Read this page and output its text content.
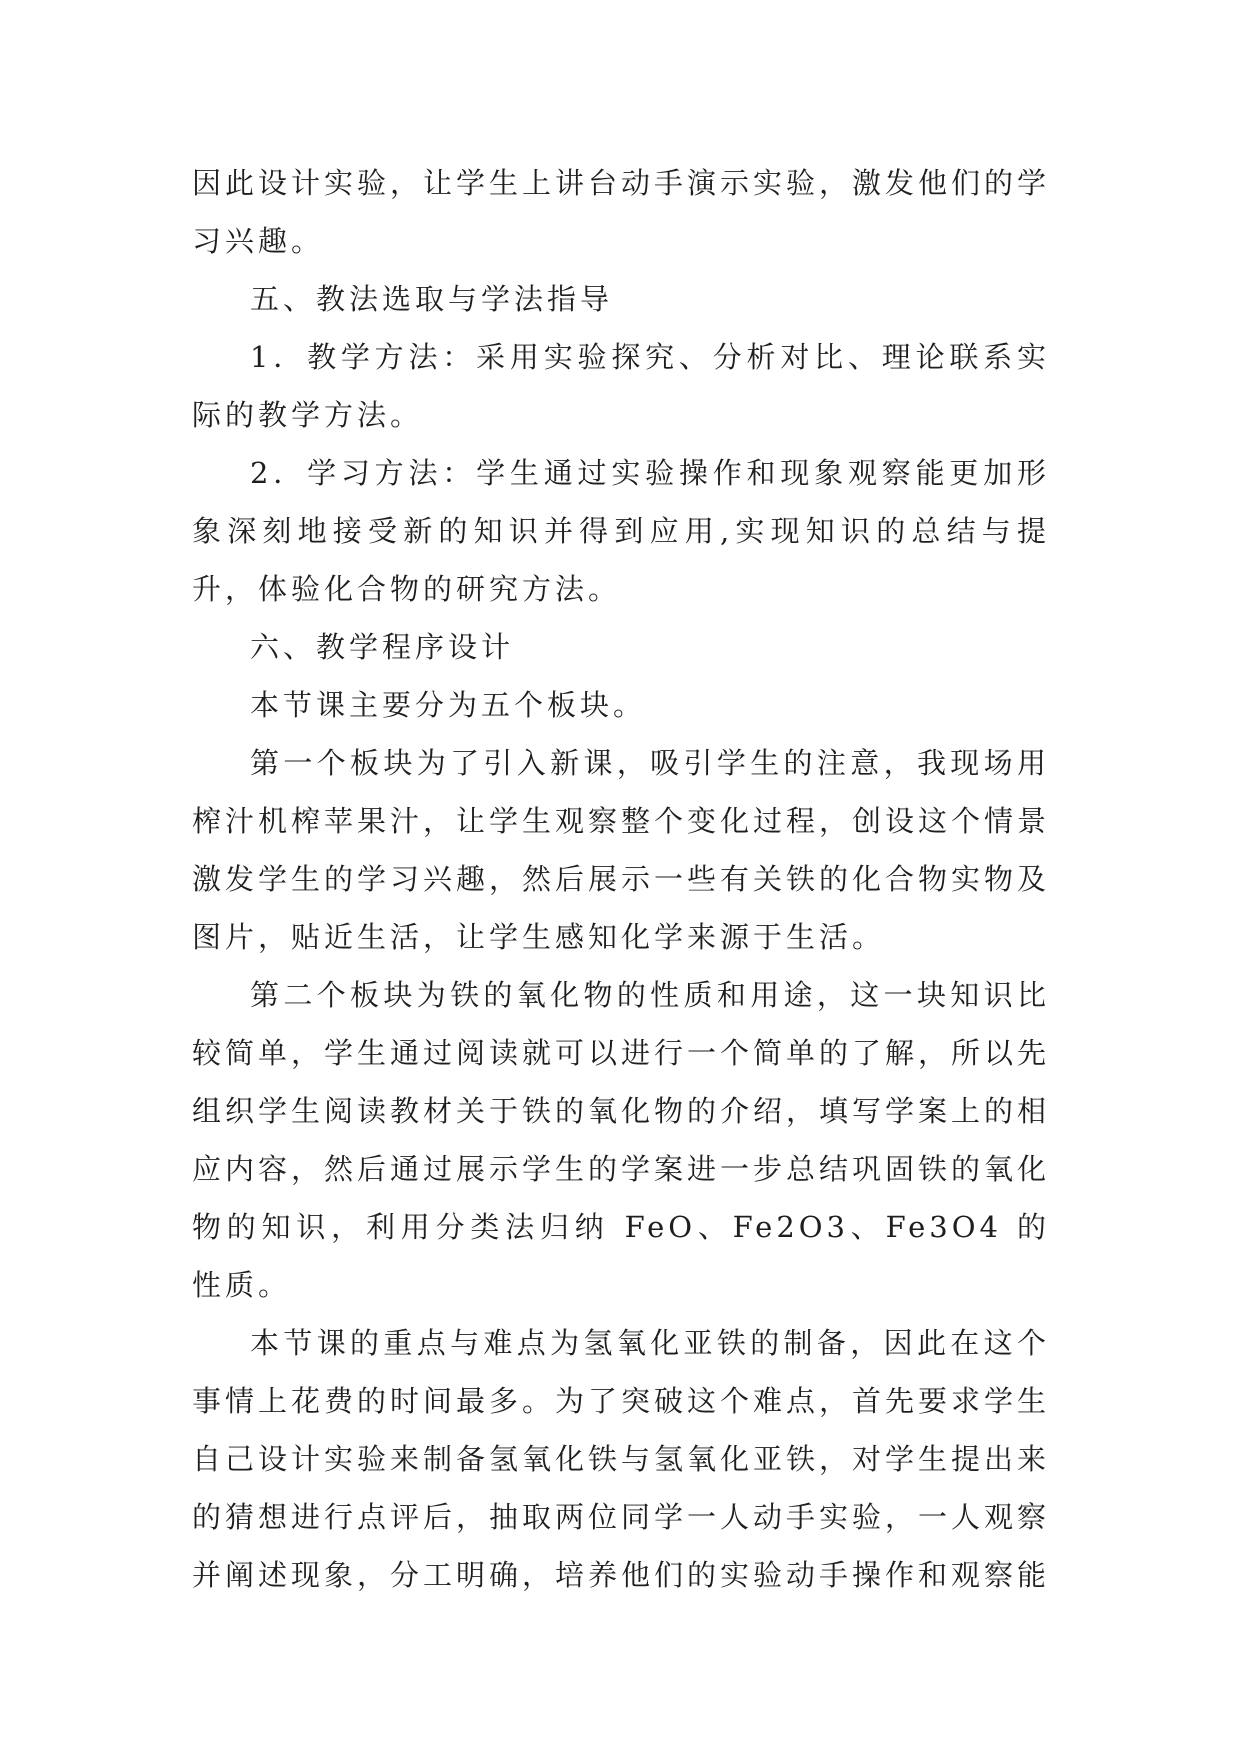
因此设计实验，让学生上讲台动手演示实验，激发他们的学习兴趣。

五、教法选取与学法指导

1．教学方法：采用实验探究、分析对比、理论联系实际的教学方法。

2．学习方法：学生通过实验操作和现象观察能更加形象深刻地接受新的知识并得到应用,实现知识的总结与提升，体验化合物的研究方法。

六、教学程序设计

本节课主要分为五个板块。

第一个板块为了引入新课，吸引学生的注意，我现场用榨汁机榨苹果汁，让学生观察整个变化过程，创设这个情景激发学生的学习兴趣，然后展示一些有关铁的化合物实物及图片，贴近生活，让学生感知化学来源于生活。

第二个板块为铁的氧化物的性质和用途，这一块知识比较简单，学生通过阅读就可以进行一个简单的了解，所以先组织学生阅读教材关于铁的氧化物的介绍，填写学案上的相应内容，然后通过展示学生的学案进一步总结巩固铁的氧化物的知识，利用分类法归纳 FeO、Fe2O3、Fe3O4 的性质。

本节课的重点与难点为氢氧化亚铁的制备，因此在这个事情上花费的时间最多。为了突破这个难点，首先要求学生自己设计实验来制备氢氧化铁与氢氧化亚铁，对学生提出来的猜想进行点评后，抽取两位同学一人动手实验，一人观察并阐述现象，分工明确，培养他们的实验动手操作和观察能
